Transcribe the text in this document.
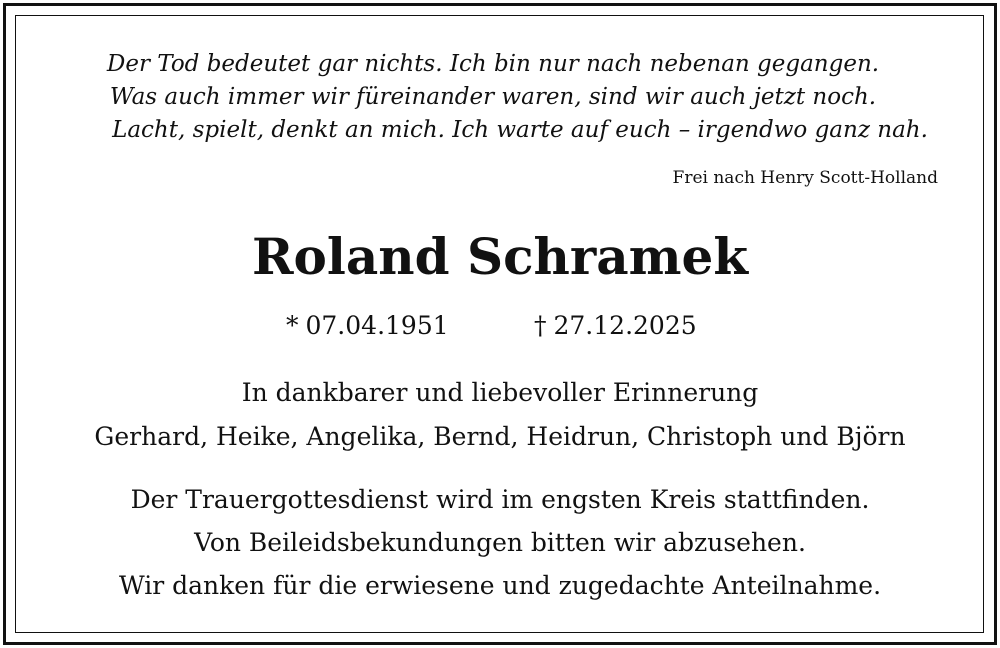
Der Tod bedeutet gar nichts. Ich bin nur nach nebenan gegangen.
Was auch immer wir füreinander waren, sind wir auch jetzt noch.
Lacht, spielt, denkt an mich. Ich warte auf euch – irgendwo ganz nah.
Frei nach Henry Scott-Holland
Roland Schramek
* 07.04.1951	† 27.12.2025
In dankbarer und liebevoller Erinnerung
Gerhard, Heike, Angelika, Bernd, Heidrun, Christoph und Björn
Der Trauergottesdienst wird im engsten Kreis stattfinden.
Von Beileidsbekundungen bitten wir abzusehen.
Wir danken für die erwiesene und zugedachte Anteilnahme.
